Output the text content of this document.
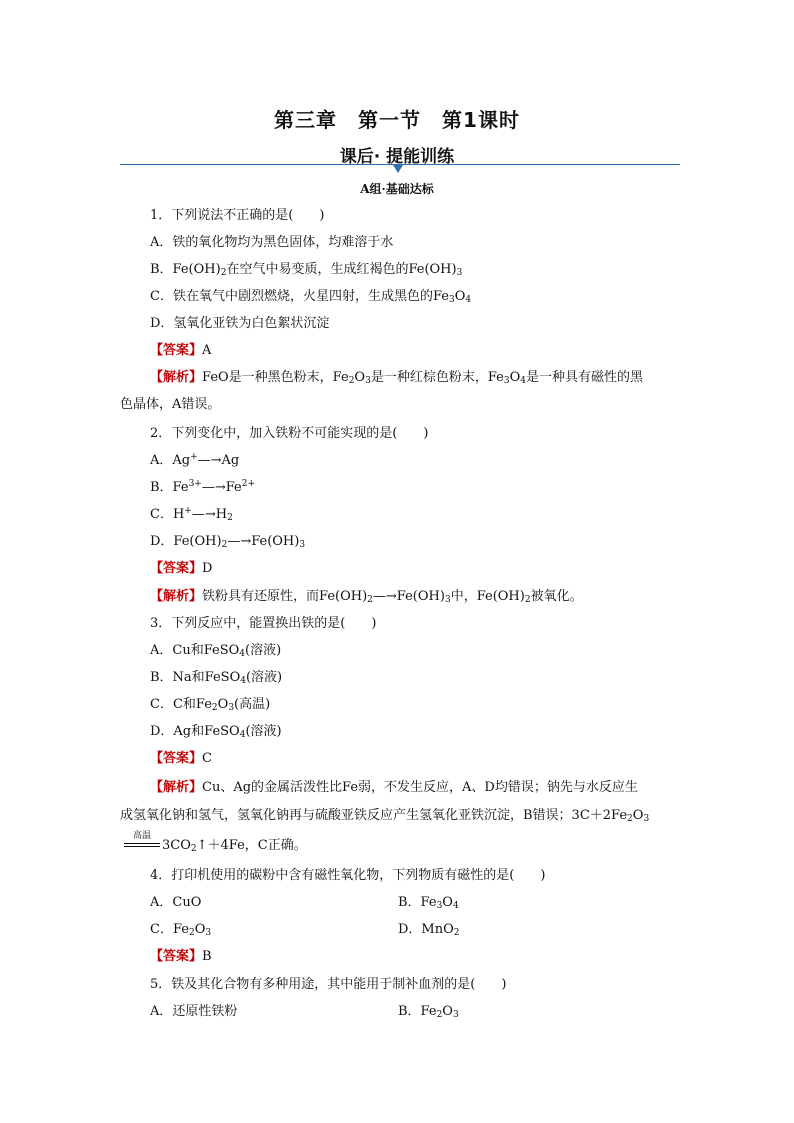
第三章　第一节　第1课时
课后· 提能训练
A组·基础达标
1．下列说法不正确的是(　　)
A．铁的氧化物均为黑色固体，均难溶于水
B．$Fe(OH)_2$在空气中易变质，生成红褐色的$Fe(OH)_3$
C．铁在氧气中剧烈燃烧，火星四射，生成黑色的$Fe_3O_4$
D．氢氧化亚铁为白色絮状沉淀
【答案】A
【解析】FeO是一种黑色粉末，$Fe_2O_3$是一种红棕色粉末，$Fe_3O_4$是一种具有磁性的黑
色晶体，A错误。
2．下列变化中，加入铁粉不可能实现的是(　　)
A．Ag+—→Ag
B．$Fe^{3+}—\to Fe^{2+}$
C．$H^+—\to H_2$
D．$Fe(OH)_2—\to Fe(OH)_3$
【答案】D
【解析】铁粉具有还原性，而$Fe(OH)_2—\to Fe(OH)_3$中，$Fe(OH)_2$被氧化。
3．下列反应中，能置换出铁的是(　　)
A．Cu和FeSO$_4$(溶液)
B．Na和FeSO$_4$(溶液)
C．C和$Fe_2O_3$(高温)
D．Ag和FeSO$_4$(溶液)
【答案】C
【解析】Cu、Ag的金属活泼性比Fe弱，不发生反应，A、D均错误；钠先与水反应生
成氢氧化钠和氢气，氢氧化钠再与硫酸亚铁反应产生氢氧化亚铁沉淀，B错误；$3C+2Fe_2O_3$
高温
$3CO_2↑+4Fe$，C正确。
4．打印机使用的碳粉中含有磁性氧化物，下列物质有磁性的是(　　)
A．CuO	B．$Fe_3O_4$
C．$Fe_2O_3$	D．MnO$_2$
【答案】B
5．铁及其化合物有多种用途，其中能用于制补血剂的是(　　)
A．还原性铁粉	B．$Fe_2O_3$
